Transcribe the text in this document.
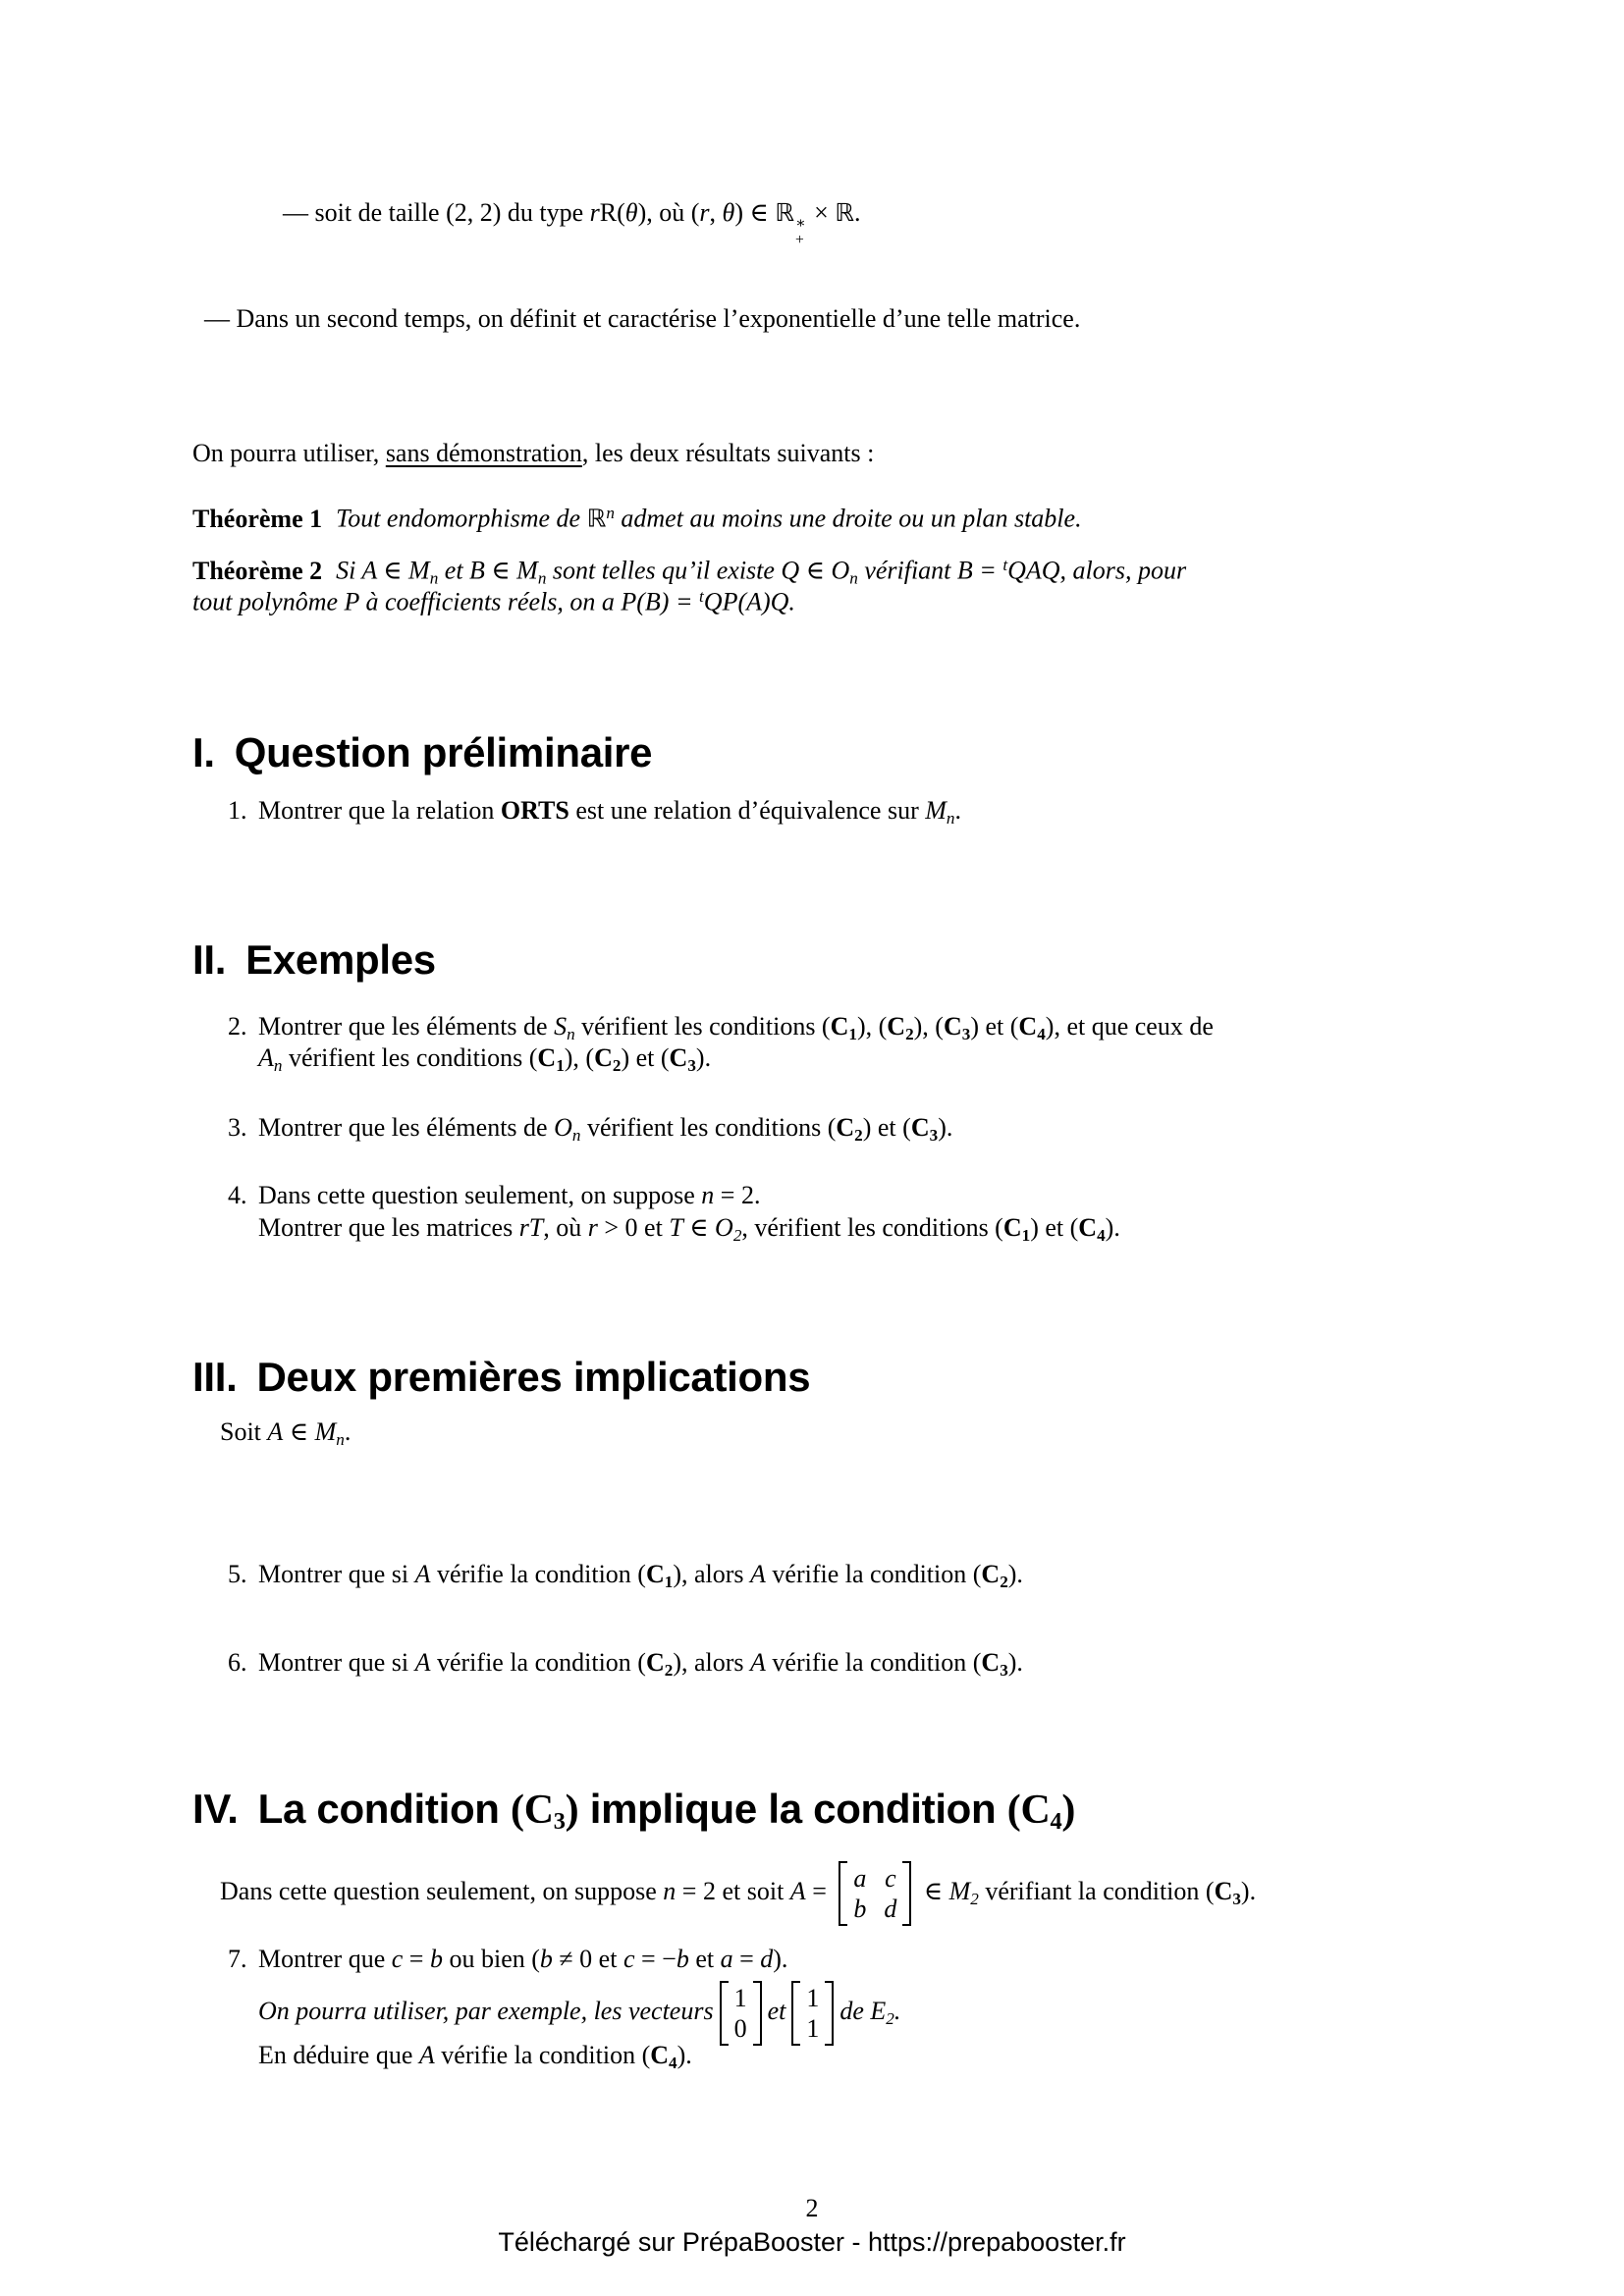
— soit de taille (2, 2) du type rR(θ), où (r, θ) ∈ ℝ ∗
+
× ℝ.
— Dans un second temps, on définit et caractérise l’exponentielle d’une telle matrice.
On pourra utiliser, sans démonstration, les deux résultats suivants :
Théorème 1 Tout endomorphisme de ℝ$^n$ admet au moins une droite ou un plan stable.
Théorème 2 Si A ∈ Mn et B ∈ Mn sont telles qu’il existe Q ∈ On vérifiant B = $^t$QAQ, alors, pour
tout polynôme P à coefficients réels, on a P(B) = $^t$QP(A)Q.
I. Question préliminaire
1. Montrer que la relation ORTS est une relation d’équivalence sur Mn.
II. Exemples
2. Montrer que les éléments de Sn vérifient les conditions (C1), (C2), (C3) et (C4), et que ceux de
An vérifient les conditions (C1), (C2) et (C3).
3. Montrer que les éléments de On vérifient les conditions (C2) et (C3).
4. Dans cette question seulement, on suppose n = 2.
Montrer que les matrices rT, où r > 0 et T ∈ O2, vérifient les conditions (C1) et (C4).
III. Deux premières implications
Soit A ∈ Mn.
5. Montrer que si A vérifie la condition (C1), alors A vérifie la condition (C2).
6. Montrer que si A vérifie la condition (C2), alors A vérifie la condition (C3).
IV. La condition (C3) implique la condition (C4)
Dans cette question seulement, on suppose n = 2 et soit A = a c
b d
∈ M2 vérifiant la condition (C3).
7. Montrer que c = b ou bien (b ≠ 0 et c = −b et a = d).
On pourra utiliser, par exemple, les vecteurs 1
0
et 1
1
de E2.
En déduire que A vérifie la condition (C4).
2
Téléchargé sur PrépaBooster - https://prepabooster.fr
